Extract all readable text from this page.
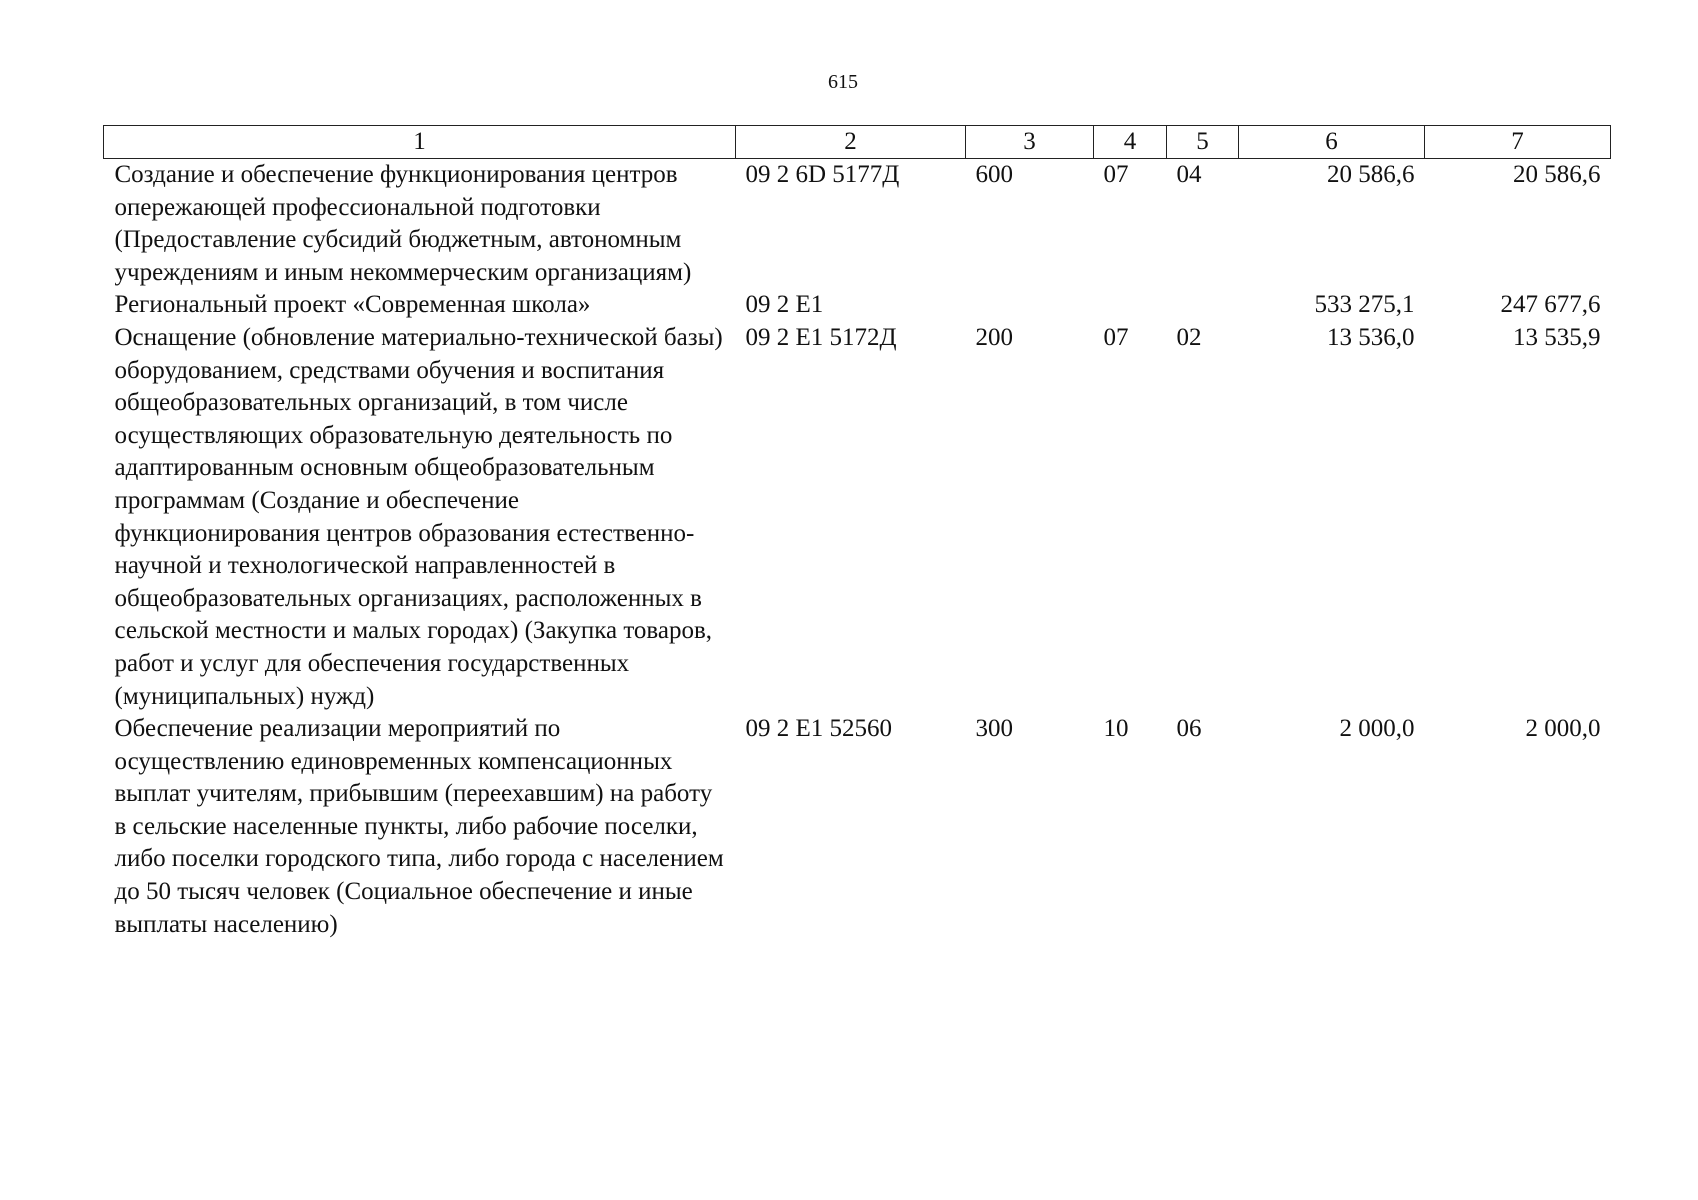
615
1	2	3	4	5	6	7
Создание и обеспечение функционирования центров опережающей профессиональной подготовки (Предоставление субсидий бюджетным, автономным учреждениям и иным некоммерческим организациям)	09 2 6D 5177Д	600	07	04	20 586,6	20 586,6
Региональный проект «Современная школа»	09 2 Е1				533 275,1	247 677,6
Оснащение (обновление материально-технической базы) оборудованием, средствами обучения и воспитания общеобразовательных организаций, в том числе осуществляющих образовательную деятельность по адаптированным основным общеобразовательным программам (Создание и обеспечение функционирования центров образования естественно-научной и технологической направленностей в общеобразовательных организациях, расположенных в сельской местности и малых городах) (Закупка товаров, работ и услуг для обеспечения государственных (муниципальных) нужд)	09 2 Е1 5172Д	200	07	02	13 536,0	13 535,9
Обеспечение реализации мероприятий по осуществлению единовременных компенсационных выплат учителям, прибывшим (переехавшим) на работу в сельские населенные пункты, либо рабочие поселки, либо поселки городского типа, либо города с населением до 50 тысяч человек (Социальное обеспечение и иные выплаты населению)	09 2 Е1 52560	300	10	06	2 000,0	2 000,0
